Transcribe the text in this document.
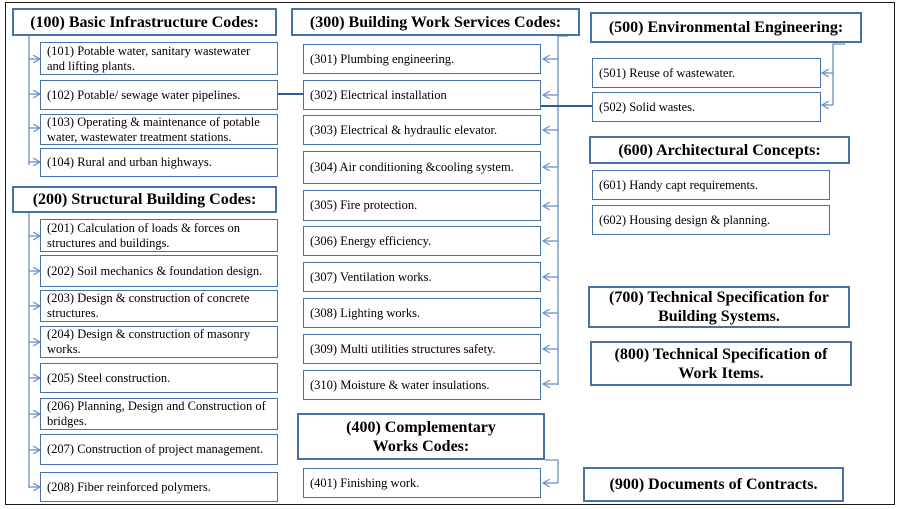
(100) Basic Infrastructure Codes:
(200) Structural Building Codes:
(300) Building Work Services Codes:
(400) Complementary Works Codes:
(500) Environmental Engineering:
(600) Architectural Concepts:
(700) Technical Specification for Building Systems.
(800) Technical Specification of Work Items.
(900) Documents of Contracts.
(101) Potable water, sanitary wastewater and lifting plants.
(102) Potable/ sewage water pipelines.
(103) Operating & maintenance of potable water, wastewater treatment stations.
(104) Rural and urban highways.
(201) Calculation of loads & forces on structures and buildings.
(202) Soil mechanics & foundation design.
(203) Design & construction of concrete structures.
(204) Design & construction of masonry works.
(205) Steel construction.
(206) Planning, Design and Construction of bridges.
(207) Construction of project management.
(208) Fiber reinforced polymers.
(301) Plumbing engineering.
(302) Electrical installation
(303) Electrical & hydraulic elevator.
(304) Air conditioning &cooling system.
(305) Fire protection.
(306) Energy efficiency.
(307) Ventilation works.
(308) Lighting works.
(309) Multi utilities structures safety.
(310) Moisture & water insulations.
(401) Finishing work.
(501) Reuse of wastewater.
(502) Solid wastes.
(601) Handy capt requirements.
(602) Housing design & planning.
